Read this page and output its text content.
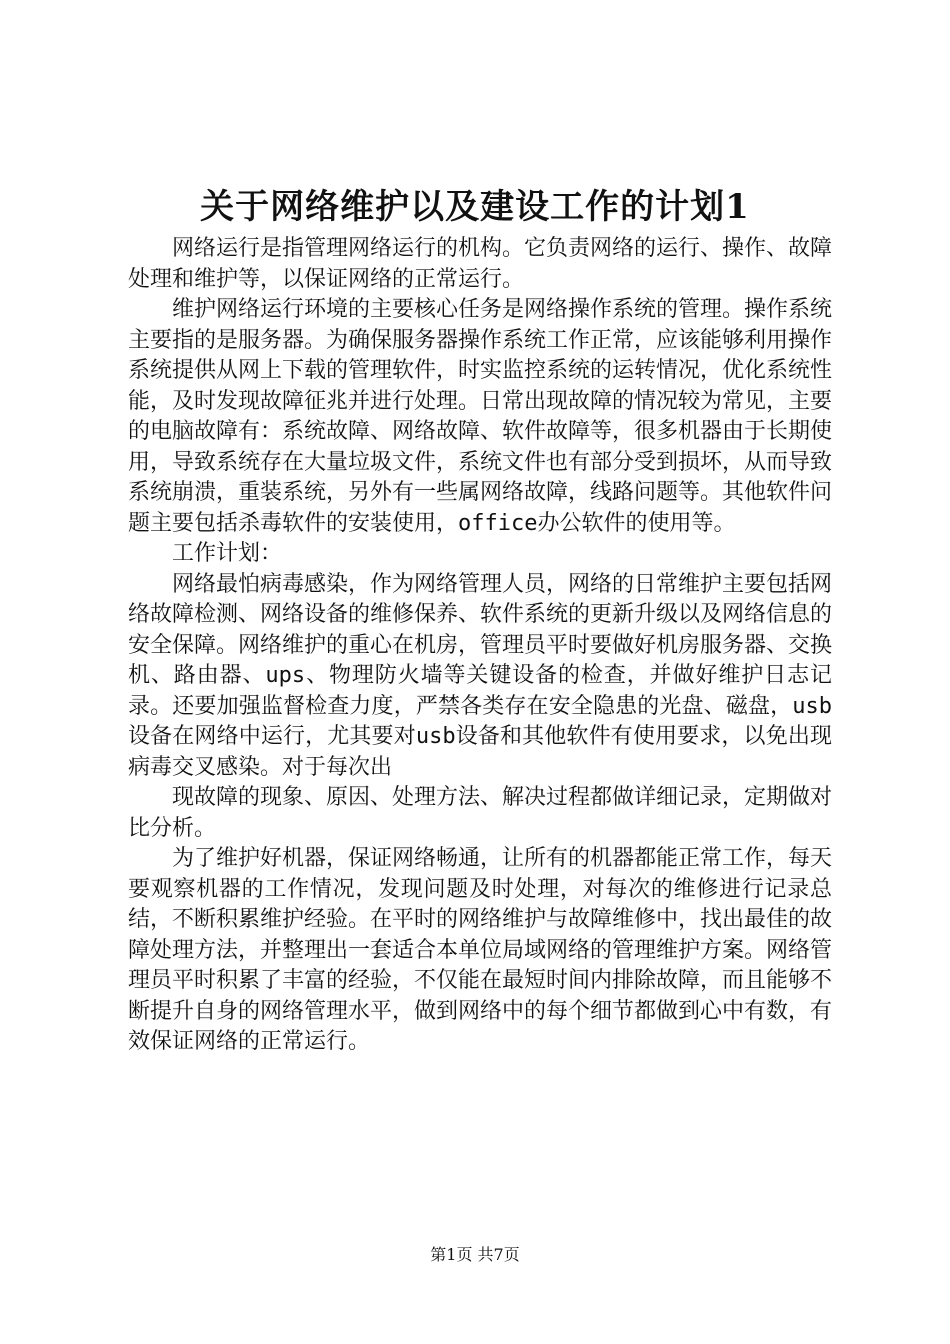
关于网络维护以及建设工作的计划1

网络运行是指管理网络运行的机构。它负责网络的运行、操作、故障处理和维护等，以保证网络的正常运行。

维护网络运行环境的主要核心任务是网络操作系统的管理。操作系统主要指的是服务器。为确保服务器操作系统工作正常，应该能够利用操作系统提供从网上下载的管理软件，时实监控系统的运转情况，优化系统性能，及时发现故障征兆并进行处理。日常出现故障的情况较为常见，主要的电脑故障有：系统故障、网络故障、软件故障等，很多机器由于长期使用，导致系统存在大量垃圾文件，系统文件也有部分受到损坏，从而导致系统崩溃，重装系统，另外有一些属网络故障，线路问题等。其他软件问题主要包括杀毒软件的安装使用，office办公软件的使用等。

工作计划：

网络最怕病毒感染，作为网络管理人员，网络的日常维护主要包括网络故障检测、网络设备的维修保养、软件系统的更新升级以及网络信息的安全保障。网络维护的重心在机房，管理员平时要做好机房服务器、交换机、路由器、ups、物理防火墙等关键设备的检查，并做好维护日志记录。还要加强监督检查力度，严禁各类存在安全隐患的光盘、磁盘，usb设备在网络中运行，尤其要对usb设备和其他软件有使用要求，以免出现病毒交叉感染。对于每次出

现故障的现象、原因、处理方法、解决过程都做详细记录，定期做对比分析。

为了维护好机器，保证网络畅通，让所有的机器都能正常工作，每天要观察机器的工作情况，发现问题及时处理，对每次的维修进行记录总结，不断积累维护经验。在平时的网络维护与故障维修中，找出最佳的故障处理方法，并整理出一套适合本单位局域网络的管理维护方案。网络管理员平时积累了丰富的经验，不仅能在最短时间内排除故障，而且能够不断提升自身的网络管理水平，做到网络中的每个细节都做到心中有数，有效保证网络的正常运行。

第1页 共7页
